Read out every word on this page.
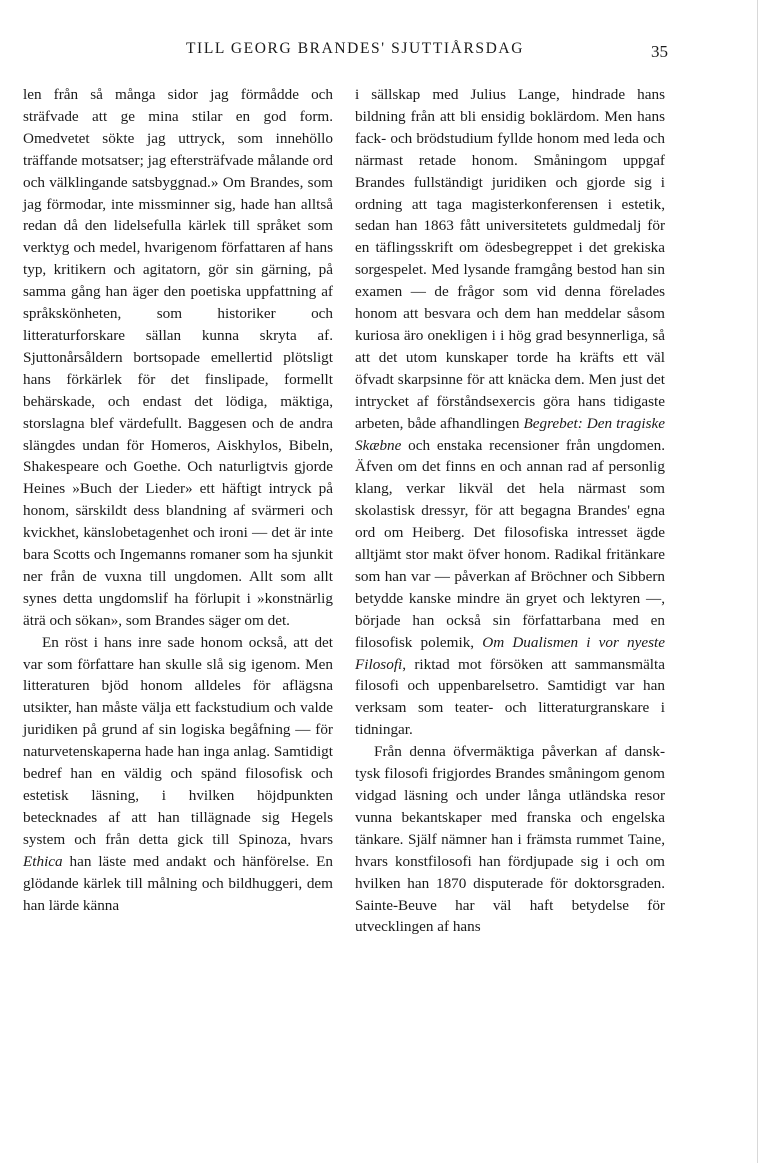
TILL GEORG BRANDES' SJUTTIÅRSDAG	35

len från så många sidor jag förmådde och sträfvade att ge mina stilar en god form. Omedvetet sökte jag uttryck, som innehöllo träffande motsatser; jag eftersträfvade målande ord och välklingande satsbyggnad.» Om Brandes, som jag förmodar, inte missminner sig, hade han alltså redan då den lidelsefulla kärlek till språket som verktyg och medel, hvarigenom författaren af hans typ, kritikern och agitatorn, gör sin gärning, på samma gång han äger den poetiska uppfattning af språkskönheten, som historiker och litteraturforskare sällan kunna skryta af. Sjuttonårsåldern bortsopade emellertid plötsligt hans förkärlek för det finslipade, formellt behärskade, och endast det lödiga, mäktiga, storslagna blef värdefullt. Baggesen och de andra slängdes undan för Homeros, Aiskhylos, Bibeln, Shakespeare och Goethe. Och naturligtvis gjorde Heines »Buch der Lieder» ett häftigt intryck på honom, särskildt dess blandning af svärmeri och kvickhet, känslobetagenhet och ironi — det är inte bara Scotts och Ingemanns romaner som ha sjunkit ner från de vuxna till ungdomen. Allt som allt synes detta ungdomslif ha förlupit i »konstnärlig äträ och sökan», som Brandes säger om det.

En röst i hans inre sade honom också, att det var som författare han skulle slå sig igenom. Men litteraturen bjöd honom alldeles för aflägsna utsikter, han måste välja ett fackstudium och valde juridiken på grund af sin logiska begåfning — för naturvetenskaperna hade han inga anlag. Samtidigt bedref han en väldig och spänd filosofisk och estetisk läsning, i hvilken höjdpunkten betecknades af att han tillägnade sig Hegels system och från detta gick till Spinoza, hvars Ethica han läste med andakt och hänförelse. En glödande kärlek till målning och bildhuggeri, dem han lärde känna

i sällskap med Julius Lange, hindrade hans bildning från att bli ensidig boklärdom. Men hans fack- och brödstudium fyllde honom med leda och närmast retade honom. Småningom uppgaf Brandes fullständigt juridiken och gjorde sig i ordning att taga magisterkonferensen i estetik, sedan han 1863 fått universitetets guldmedalj för en täflingsskrift om ödesbegreppet i det grekiska sorgespelet. Med lysande framgång bestod han sin examen — de frågor som vid denna förelades honom att besvara och dem han meddelar såsom kuriosa äro onekligen i i hög grad besynnerliga, så att det utom kunskaper torde ha kräfts ett väl öfvadt skarpsinne för att knäcka dem. Men just det intrycket af förståndsexercis göra hans tidigaste arbeten, både afhandlingen Begrebet: Den tragiske Skæbne och enstaka recensioner från ungdomen. Äfven om det finns en och annan rad af personlig klang, verkar likväl det hela närmast som skolastisk dressyr, för att begagna Brandes' egna ord om Heiberg. Det filosofiska intresset ägde alltjämt stor makt öfver honom. Radikal fritänkare som han var — påverkan af Bröchner och Sibbern betydde kanske mindre än gryet och lektyren —, började han också sin författarbana med en filosofisk polemik, Om Dualismen i vor nyeste Filosofi, riktad mot försöken att sammansmälta filosofi och uppenbarelsetro. Samtidigt var han verksam som teater- och litteraturgranskare i tidningar.

Från denna öfvermäktiga påverkan af dansk-tysk filosofi frigjordes Brandes småningom genom vidgad läsning och under långa utländska resor vunna bekantskaper med franska och engelska tänkare. Själf nämner han i främsta rummet Taine, hvars konstfilosofi han fördjupade sig i och om hvilken han 1870 disputerade för doktorsgraden. Sainte-Beuve har väl haft betydelse för utvecklingen af hans
